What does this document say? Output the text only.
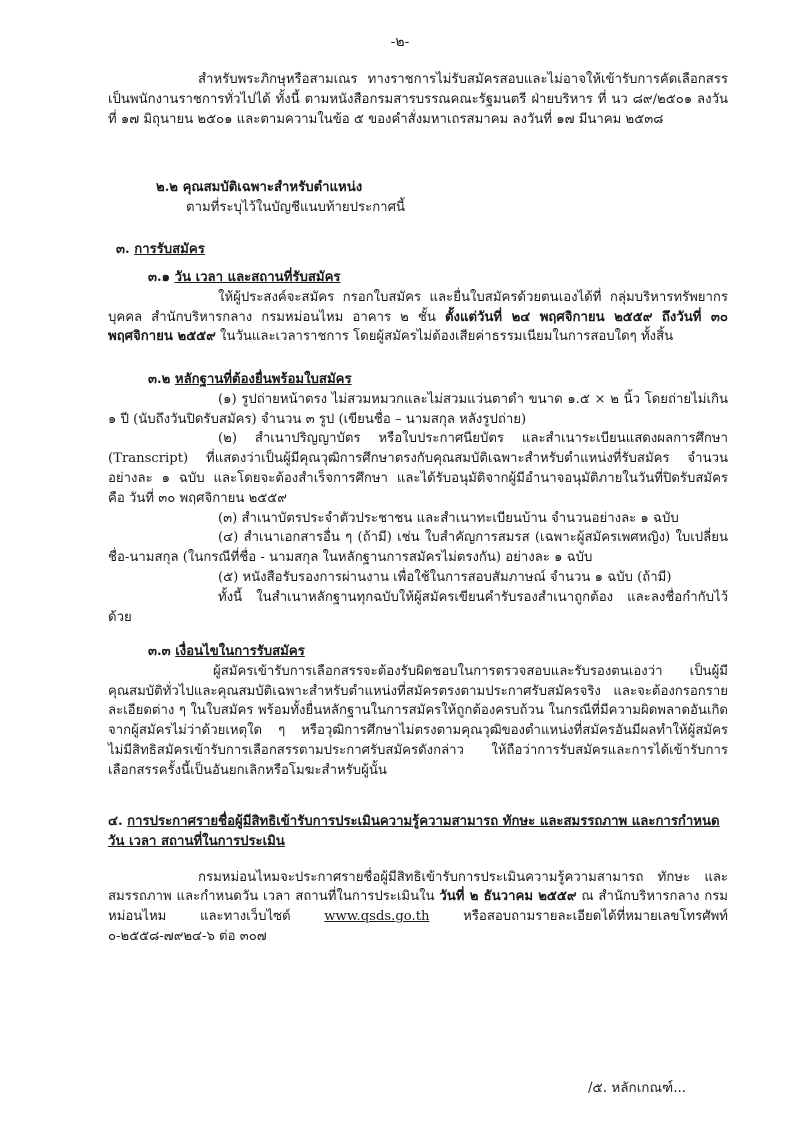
-๒-

สำหรับพระภิกษุหรือสามเณร ทางราชการไม่รับสมัครสอบและไม่อาจให้เข้ารับการคัดเลือกสรรเป็นพนักงานราชการทั่วไปได้ ทั้งนี้ ตามหนังสือกรมสารบรรณคณะรัฐมนตรี ฝ่ายบริหาร ที่ นว ๘๙/๒๕๐๑ ลงวันที่ ๑๗ มิถุนายน ๒๕๐๑ และตามความในข้อ ๕ ของคำสั่งมหาเถรสมาคม ลงวันที่ ๑๗ มีนาคม ๒๕๓๘

๒.๒ คุณสมบัติเฉพาะสำหรับตำแหน่ง

ตามที่ระบุไว้ในบัญชีแนบท้ายประกาศนี้

๓. การรับสมัคร

๓.๑ วัน เวลา และสถานที่รับสมัคร

ให้ผู้ประสงค์จะสมัคร กรอกใบสมัคร และยื่นใบสมัครด้วยตนเองได้ที่ กลุ่มบริหารทรัพยากรบุคคล สำนักบริหารกลาง กรมหม่อนไหม อาคาร ๒ ชั้น ตั้งแต่วันที่ ๒๔ พฤศจิกายน ๒๕๕๙ ถึงวันที่ ๓๐ พฤศจิกายน ๒๕๕๙ ในวันและเวลาราชการ โดยผู้สมัครไม่ต้องเสียค่าธรรมเนียมในการสอบใดๆ ทั้งสิ้น

๓.๒ หลักฐานที่ต้องยื่นพร้อมใบสมัคร

(๑) รูปถ่ายหน้าตรง ไม่สวมหมวกและไม่สวมแว่นตาดำ ขนาด ๑.๕ × ๒ นิ้ว โดยถ่ายไม่เกิน ๑ ปี (นับถึงวันปิดรับสมัคร) จำนวน ๓ รูป (เขียนชื่อ – นามสกุล หลังรูปถ่าย)

(๒) สำเนาปริญญาบัตร หรือใบประกาศนียบัตร และสำเนาระเบียนแสดงผลการศึกษา (Transcript) ที่แสดงว่าเป็นผู้มีคุณวุฒิการศึกษาตรงกับคุณสมบัติเฉพาะสำหรับตำแหน่งที่รับสมัคร จำนวนอย่างละ ๑ ฉบับ และโดยจะต้องสำเร็จการศึกษา และได้รับอนุมัติจากผู้มีอำนาจอนุมัติภายในวันที่ปิดรับสมัคร คือ วันที่ ๓๐ พฤศจิกายน ๒๕๕๙

(๓) สำเนาบัตรประจำตัวประชาชน และสำเนาทะเบียนบ้าน จำนวนอย่างละ ๑ ฉบับ

(๔) สำเนาเอกสารอื่น ๆ (ถ้ามี) เช่น ใบสำคัญการสมรส (เฉพาะผู้สมัครเพศหญิง) ใบเปลี่ยนชื่อ-นามสกุล (ในกรณีที่ชื่อ - นามสกุล ในหลักฐานการสมัครไม่ตรงกัน) อย่างละ ๑ ฉบับ

(๕) หนังสือรับรองการผ่านงาน เพื่อใช้ในการสอบสัมภาษณ์ จำนวน ๑ ฉบับ (ถ้ามี)

ทั้งนี้ ในสำเนาหลักฐานทุกฉบับให้ผู้สมัครเขียนคำรับรองสำเนาถูกต้อง และลงชื่อกำกับไว้ด้วย

๓.๓ เงื่อนไขในการรับสมัคร

ผู้สมัครเข้ารับการเลือกสรรจะต้องรับผิดชอบในการตรวจสอบและรับรองตนเองว่า เป็นผู้มีคุณสมบัติทั่วไปและคุณสมบัติเฉพาะสำหรับตำแหน่งที่สมัครตรงตามประกาศรับสมัครจริง และจะต้องกรอกรายละเอียดต่าง ๆ ในใบสมัคร พร้อมทั้งยื่นหลักฐานในการสมัครให้ถูกต้องครบถ้วน ในกรณีที่มีความผิดพลาดอันเกิดจากผู้สมัครไม่ว่าด้วยเหตุใด ๆ หรือวุฒิการศึกษาไม่ตรงตามคุณวุฒิของตำแหน่งที่สมัครอันมีผลทำให้ผู้สมัครไม่มีสิทธิสมัครเข้ารับการเลือกสรรตามประกาศรับสมัครดังกล่าว ให้ถือว่าการรับสมัครและการได้เข้ารับการเลือกสรรครั้งนี้เป็นอันยกเลิกหรือโมฆะสำหรับผู้นั้น

๔. การประกาศรายชื่อผู้มีสิทธิเข้ารับการประเมินความรู้ความสามารถ ทักษะ และสมรรถภาพ และการกำหนด วัน เวลา สถานที่ในการประเมิน

กรมหม่อนไหมจะประกาศรายชื่อผู้มีสิทธิเข้ารับการประเมินความรู้ความสามารถ ทักษะ และสมรรถภาพ และกำหนดวัน เวลา สถานที่ในการประเมินใน วันที่ ๒ ธันวาคม ๒๕๕๙ ณ สำนักบริหารกลาง กรมหม่อนไหม และทางเว็บไซต์	www.qsds.go.th	หรือสอบถามรายละเอียดได้ที่หมายเลขโทรศัพท์ ๐-๒๕๕๘-๗๙๒๔-๖ ต่อ ๓๐๗

/๕. หลักเกณฑ์...
